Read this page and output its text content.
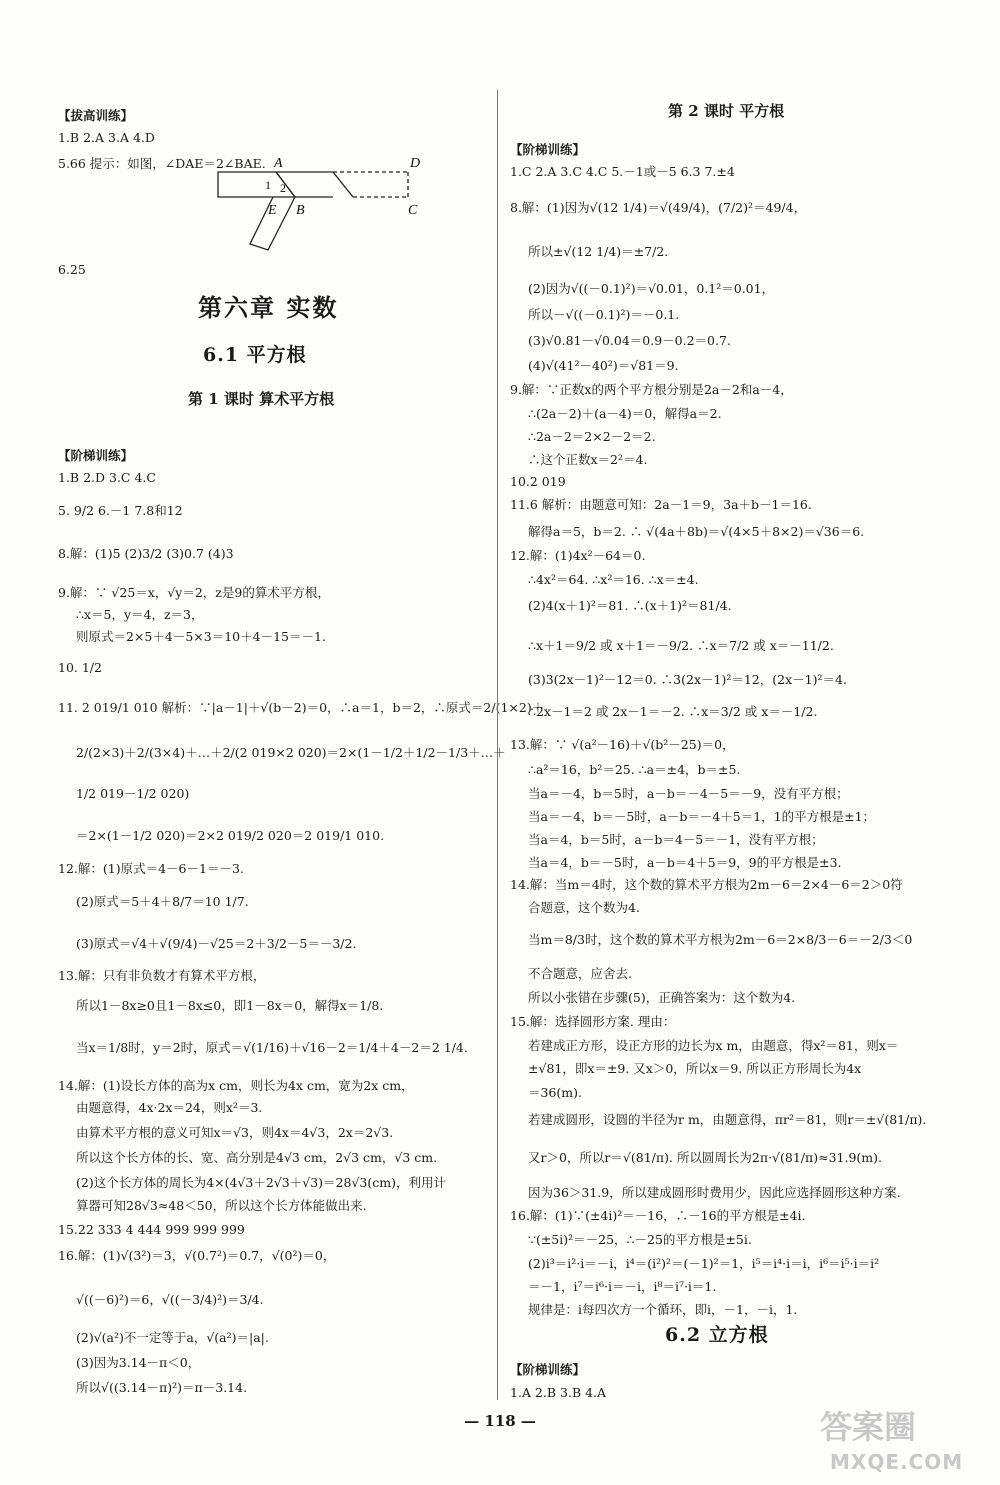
【拔高训练】
1.B 2.A 3.A 4.D
5.66 提示：如图，∠DAE＝2∠BAE.
6.25
【阶梯训练】
1.B 2.D 3.C 4.C
5. 9/2 6.－1 7.8和12
8.解：(1)5 (2)3/2 (3)0.7 (4)3
9.解：∵ √25＝x，√y＝2，z是9的算术平方根，
∴x＝5，y＝4，z＝3，
则原式＝2×5＋4－5×3＝10＋4－15＝－1.
10. 1/2
11. 2 019/1 010 解析：∵|a－1|＋√(b－2)＝0，∴a＝1，b＝2，∴原式＝2/(1×2)＋
2/(2×3)＋2/(3×4)＋…＋2/(2 019×2 020)＝2×(1－1/2＋1/2－1/3＋…＋
1/2 019－1/2 020)
＝2×(1－1/2 020)＝2×2 019/2 020＝2 019/1 010.
12.解：(1)原式＝4－6－1＝－3.
(2)原式＝5＋4＋8/7＝10 1/7.
(3)原式＝√4＋√(9/4)－√25＝2＋3/2－5＝－3/2.
13.解：只有非负数才有算术平方根，
所以1－8x≥0且1－8x≤0，即1－8x＝0，解得x＝1/8.
当x＝1/8时，y＝2时，原式＝√(1/16)＋√16－2＝1/4＋4－2＝2 1/4.
14.解：(1)设长方体的高为x cm，则长为4x cm，宽为2x cm，
由题意得，4x·2x＝24，则x²＝3.
由算术平方根的意义可知x＝√3，则4x＝4√3，2x＝2√3.
所以这个长方体的长、宽、高分别是4√3 cm，2√3 cm，√3 cm.
(2)这个长方体的周长为4×(4√3＋2√3＋√3)＝28√3(cm)，利用计
算器可知28√3≈48＜50，所以这个长方体能做出来.
15.22 333 4 444 999 999 999
16.解：(1)√(3²)＝3，√(0.7²)＝0.7，√(0²)＝0，
√((－6)²)＝6，√((－3/4)²)＝3/4.
(2)√(a²)不一定等于a，√(a²)＝|a|.
(3)因为3.14－π＜0，
所以√((3.14－π)²)＝π－3.14.
A	D
E B	C
1 2
第六章 实数
6.1 平方根
第 1 课时 算术平方根
第 2 课时 平方根
【阶梯训练】
1.C 2.A 3.C 4.C 5.－1或－5 6.3 7.±4
8.解：(1)因为√(12 1/4)＝√(49/4)，(7/2)²＝49/4，
所以±√(12 1/4)＝±7/2.
(2)因为√((－0.1)²)＝√0.01，0.1²＝0.01，
所以－√((－0.1)²)＝－0.1.
(3)√0.81－√0.04＝0.9－0.2＝0.7.
(4)√(41²－40²)＝√81＝9.
9.解：∵正数x的两个平方根分别是2a－2和a－4，
∴(2a－2)＋(a－4)＝0，解得a＝2.
∴2a－2＝2×2－2＝2.
∴这个正数x＝2²＝4.
10.2 019
11.6 解析：由题意可知：2a－1＝9，3a＋b－1＝16.
解得a＝5，b＝2. ∴ √(4a＋8b)＝√(4×5＋8×2)＝√36＝6.
12.解：(1)4x²－64＝0.
∴4x²＝64. ∴x²＝16. ∴x＝±4.
(2)4(x＋1)²＝81. ∴(x＋1)²＝81/4.
∴x＋1＝9/2 或 x＋1＝－9/2. ∴x＝7/2 或 x＝－11/2.
(3)3(2x－1)²－12＝0. ∴3(2x－1)²＝12，(2x－1)²＝4.
∴2x－1＝2 或 2x－1＝－2. ∴x＝3/2 或 x＝－1/2.
13.解：∵ √(a²－16)＋√(b²－25)＝0，
∴a²＝16，b²＝25. ∴a＝±4，b＝±5.
当a＝－4，b＝5时，a－b＝－4－5＝－9，没有平方根；
当a＝－4，b＝－5时，a－b＝－4＋5＝1，1的平方根是±1；
当a＝4，b＝5时，a－b＝4－5＝－1，没有平方根；
当a＝4，b＝－5时，a－b＝4＋5＝9，9的平方根是±3.
14.解：当m＝4时，这个数的算术平方根为2m－6＝2×4－6＝2＞0符
合题意，这个数为4.
当m＝8/3时，这个数的算术平方根为2m－6＝2×8/3－6＝－2/3＜0
不合题意，应舍去.
所以小张错在步骤(5)，正确答案为：这个数为4.
15.解：选择圆形方案. 理由：
若建成正方形，设正方形的边长为x m，由题意，得x²＝81，则x＝
±√81，即x＝±9. 又x＞0，所以x＝9. 所以正方形周长为4x
＝36(m).
若建成圆形，设圆的半径为r m，由题意得，πr²＝81，则r＝±√(81/π).
又r＞0，所以r＝√(81/π). 所以圆周长为2π·√(81/π)≈31.9(m).
因为36＞31.9，所以建成圆形时费用少，因此应选择圆形这种方案.
16.解：(1)∵(±4i)²＝－16，∴－16的平方根是±4i.
∵(±5i)²＝－25，∴－25的平方根是±5i.
(2)i³＝i²·i＝－i，i⁴＝(i²)²＝(－1)²＝1，i⁵＝i⁴·i＝i，i⁶＝i⁵·i＝i²
＝－1，i⁷＝i⁶·i＝－i，i⁸＝i⁷·i＝1.
规律是：i每四次方一个循环，即i，－1，－i，1.
【阶梯训练】
1.A 2.B 3.B 4.A
6.2 立方根
— 118 —	答案圈
MXQE.COM
